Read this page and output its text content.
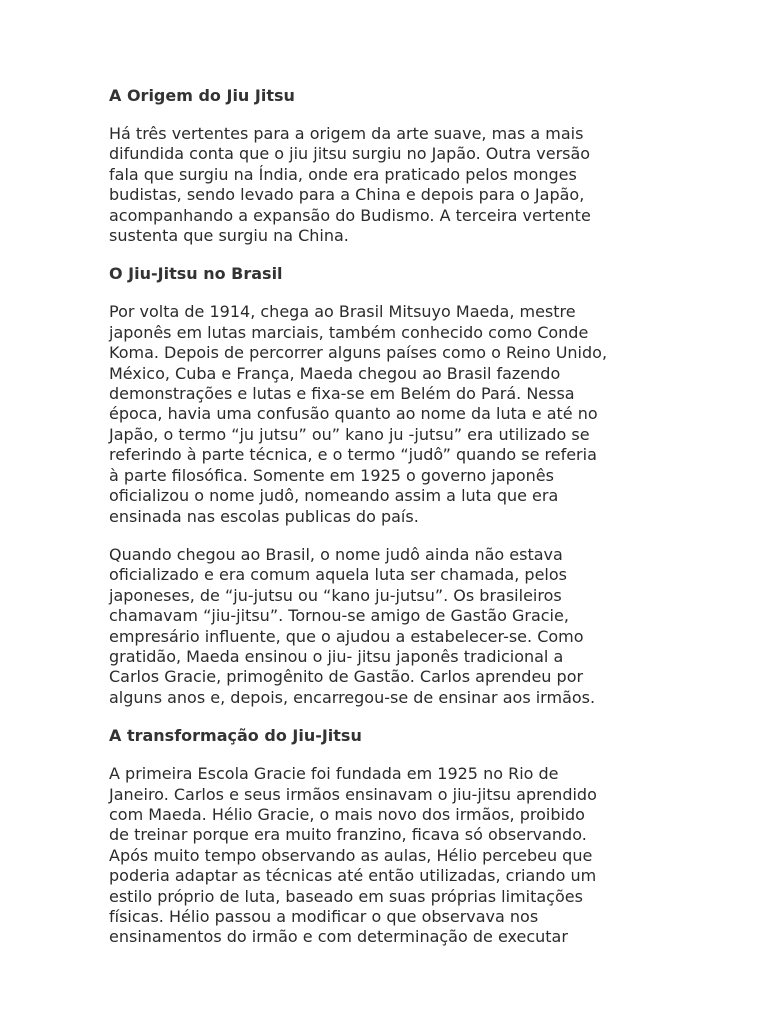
A Origem do Jiu Jitsu
Há três vertentes para a origem da arte suave, mas a mais
difundida conta que o jiu jitsu surgiu no Japão. Outra versão
fala que surgiu na Índia, onde era praticado pelos monges
budistas, sendo levado para a China e depois para o Japão,
acompanhando a expansão do Budismo. A terceira vertente
sustenta que surgiu na China.
O Jiu-Jitsu no Brasil
Por volta de 1914, chega ao Brasil Mitsuyo Maeda, mestre
japonês em lutas marciais, também conhecido como Conde
Koma. Depois de percorrer alguns países como o Reino Unido,
México, Cuba e França, Maeda chegou ao Brasil fazendo
demonstrações e lutas e fixa-se em Belém do Pará. Nessa
época, havia uma confusão quanto ao nome da luta e até no
Japão, o termo “ju jutsu” ou” kano ju -jutsu” era utilizado se
referindo à parte técnica, e o termo “judô” quando se referia
à parte filosófica. Somente em 1925 o governo japonês
oficializou o nome judô, nomeando assim a luta que era
ensinada nas escolas publicas do país.
Quando chegou ao Brasil, o nome judô ainda não estava
oficializado e era comum aquela luta ser chamada, pelos
japoneses, de “ju-jutsu ou “kano ju-jutsu”. Os brasileiros
chamavam “jiu-jitsu”. Tornou-se amigo de Gastão Gracie,
empresário influente, que o ajudou a estabelecer-se. Como
gratidão, Maeda ensinou o jiu- jitsu japonês tradicional a
Carlos Gracie, primogênito de Gastão. Carlos aprendeu por
alguns anos e, depois, encarregou-se de ensinar aos irmãos.
A transformação do Jiu-Jitsu
A primeira Escola Gracie foi fundada em 1925 no Rio de
Janeiro. Carlos e seus irmãos ensinavam o jiu-jitsu aprendido
com Maeda. Hélio Gracie, o mais novo dos irmãos, proibido
de treinar porque era muito franzino, ficava só observando.
Após muito tempo observando as aulas, Hélio percebeu que
poderia adaptar as técnicas até então utilizadas, criando um
estilo próprio de luta, baseado em suas próprias limitações
físicas. Hélio passou a modificar o que observava nos
ensinamentos do irmão e com determinação de executar
